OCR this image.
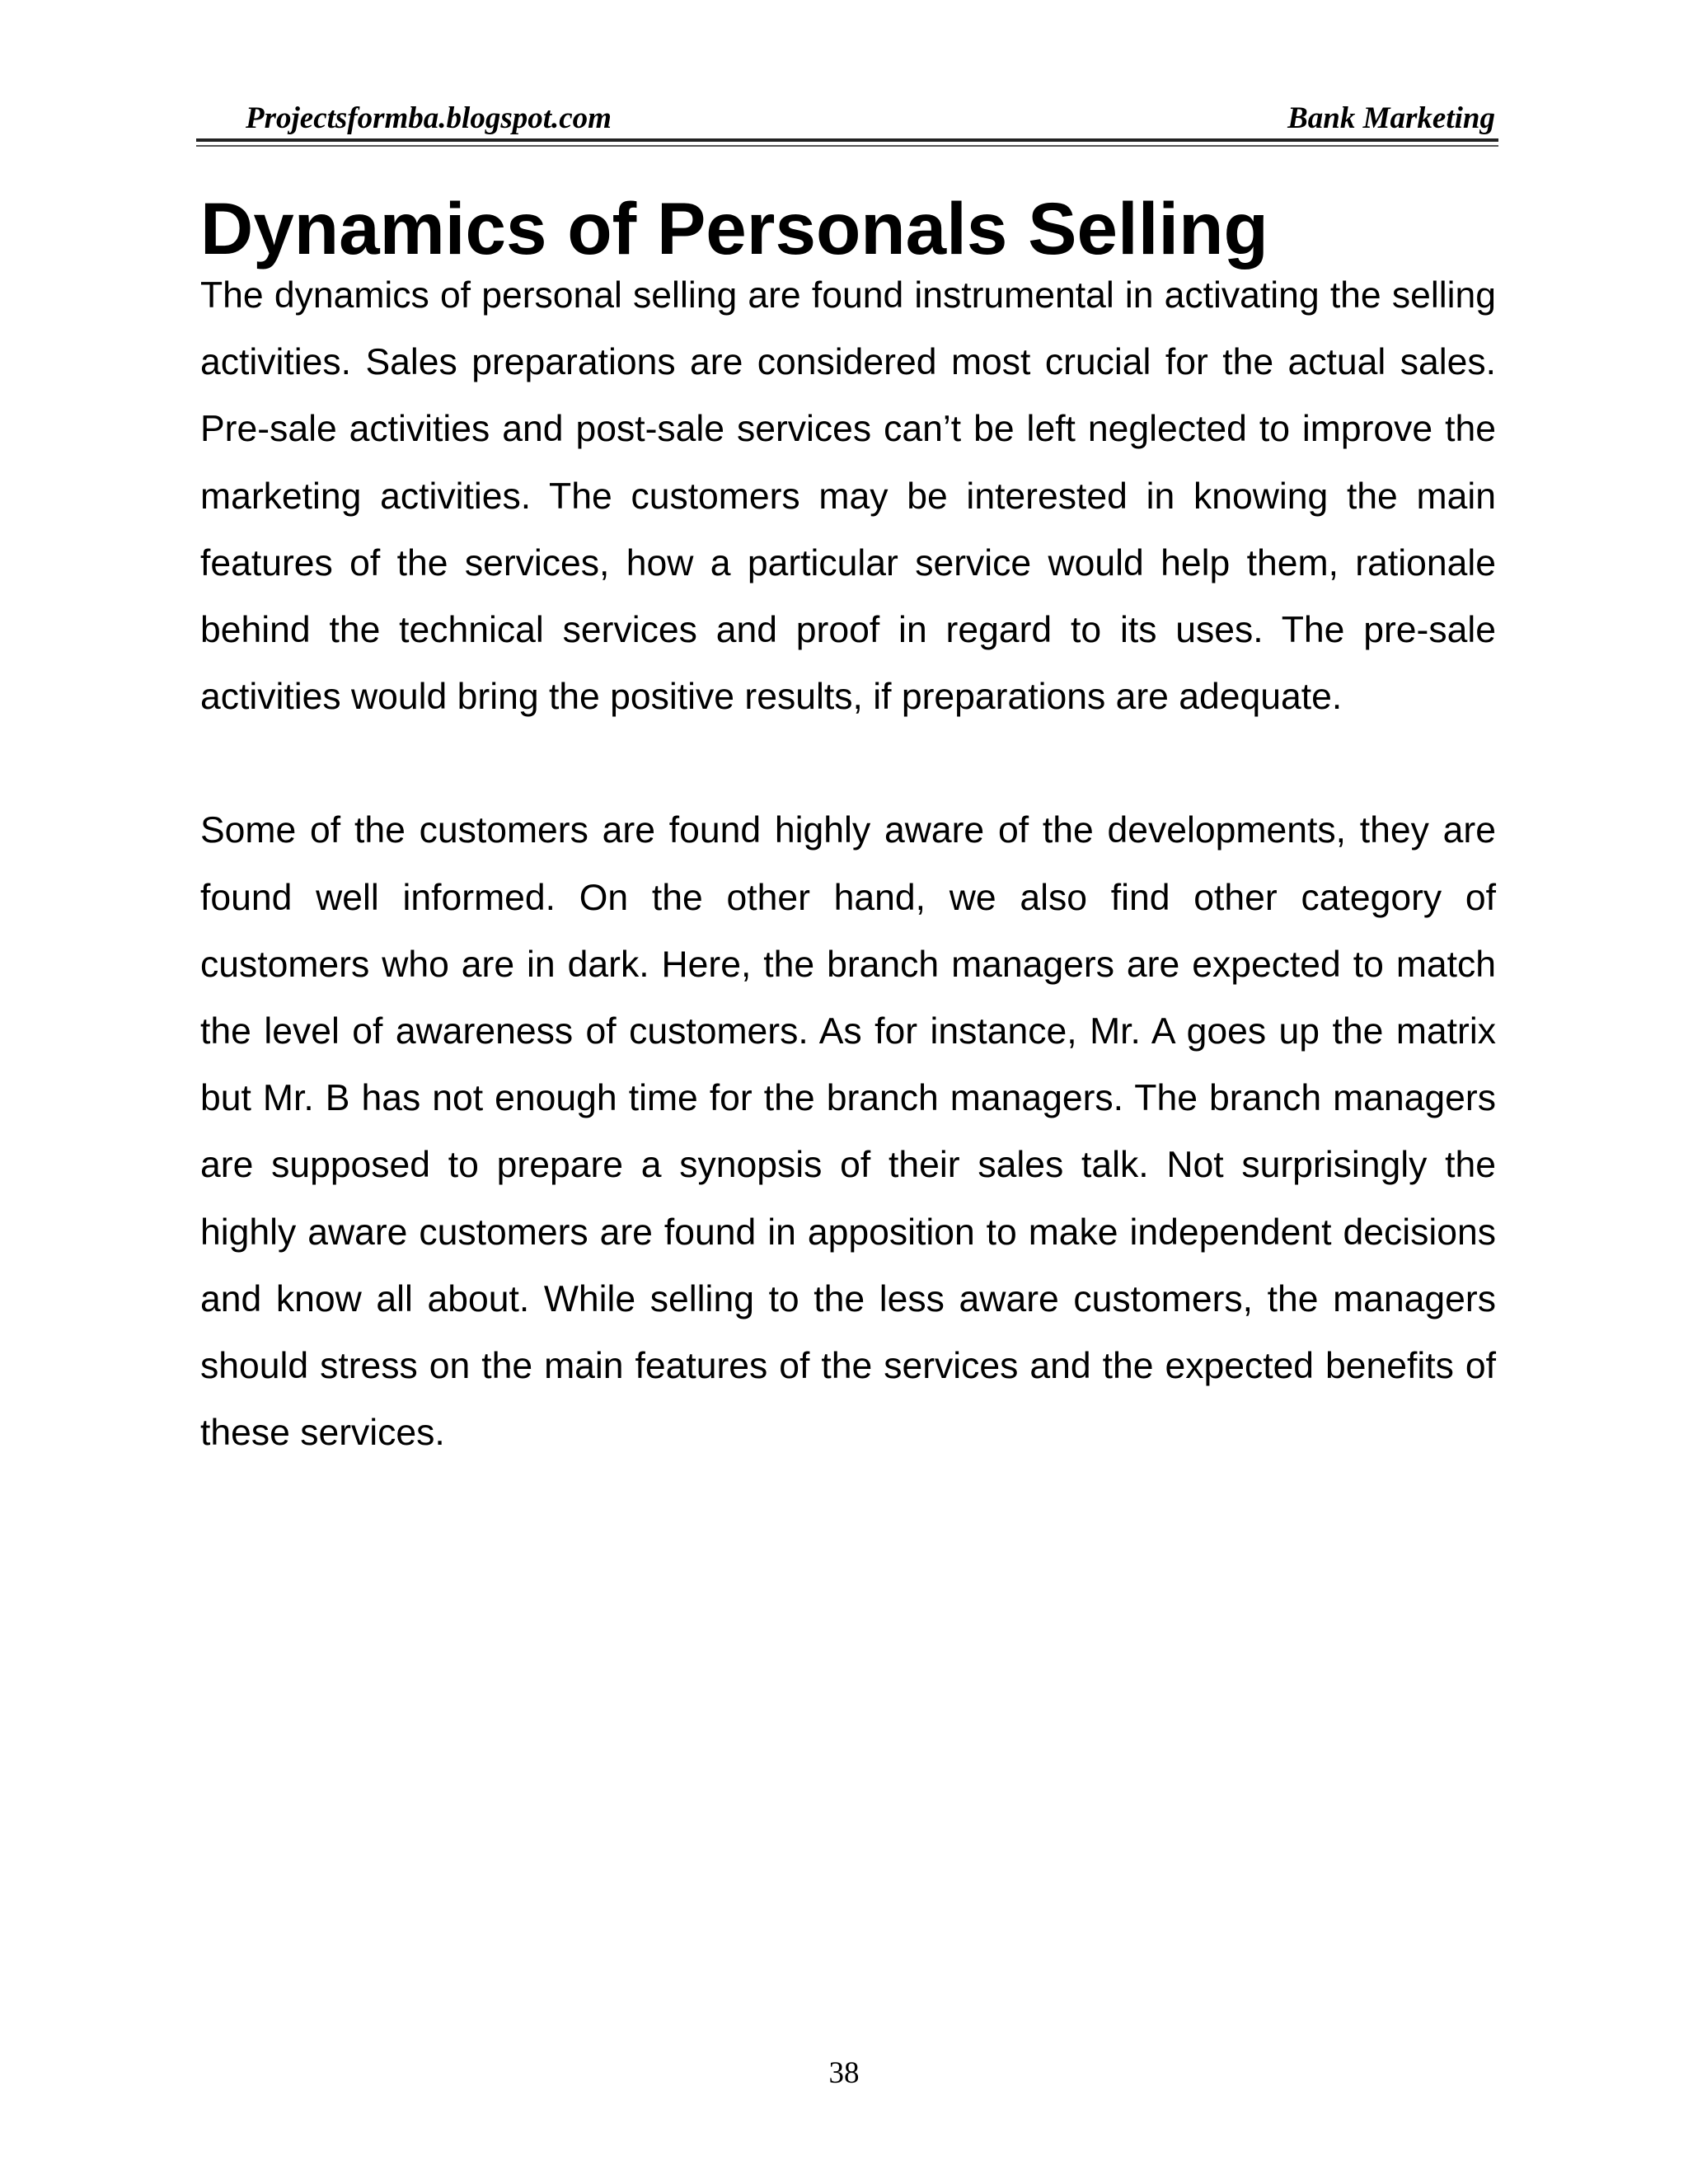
Projectsformba.blogspot.com	Bank Marketing
Dynamics of Personals Selling

The dynamics of personal selling are found instrumental in activating the selling activities. Sales preparations are considered most crucial for the actual sales. Pre-sale activities and post-sale services can’t be left neglected to improve the marketing activities. The customers may be interested in knowing the main features of the services, how a particular service would help them, rationale behind the technical services and proof in regard to its uses. The pre-sale activities would bring the positive results, if preparations are adequate.

Some of the customers are found highly aware of the developments, they are found well informed. On the other hand, we also find other category of customers who are in dark. Here, the branch managers are expected to match the level of awareness of customers. As for instance, Mr. A goes up the matrix but Mr. B has not enough time for the branch managers. The branch managers are supposed to prepare a synopsis of their sales talk. Not surprisingly the highly aware customers are found in apposition to make independent decisions and know all about. While selling to the less aware customers, the managers should stress on the main features of the services and the expected benefits of these services.

38
